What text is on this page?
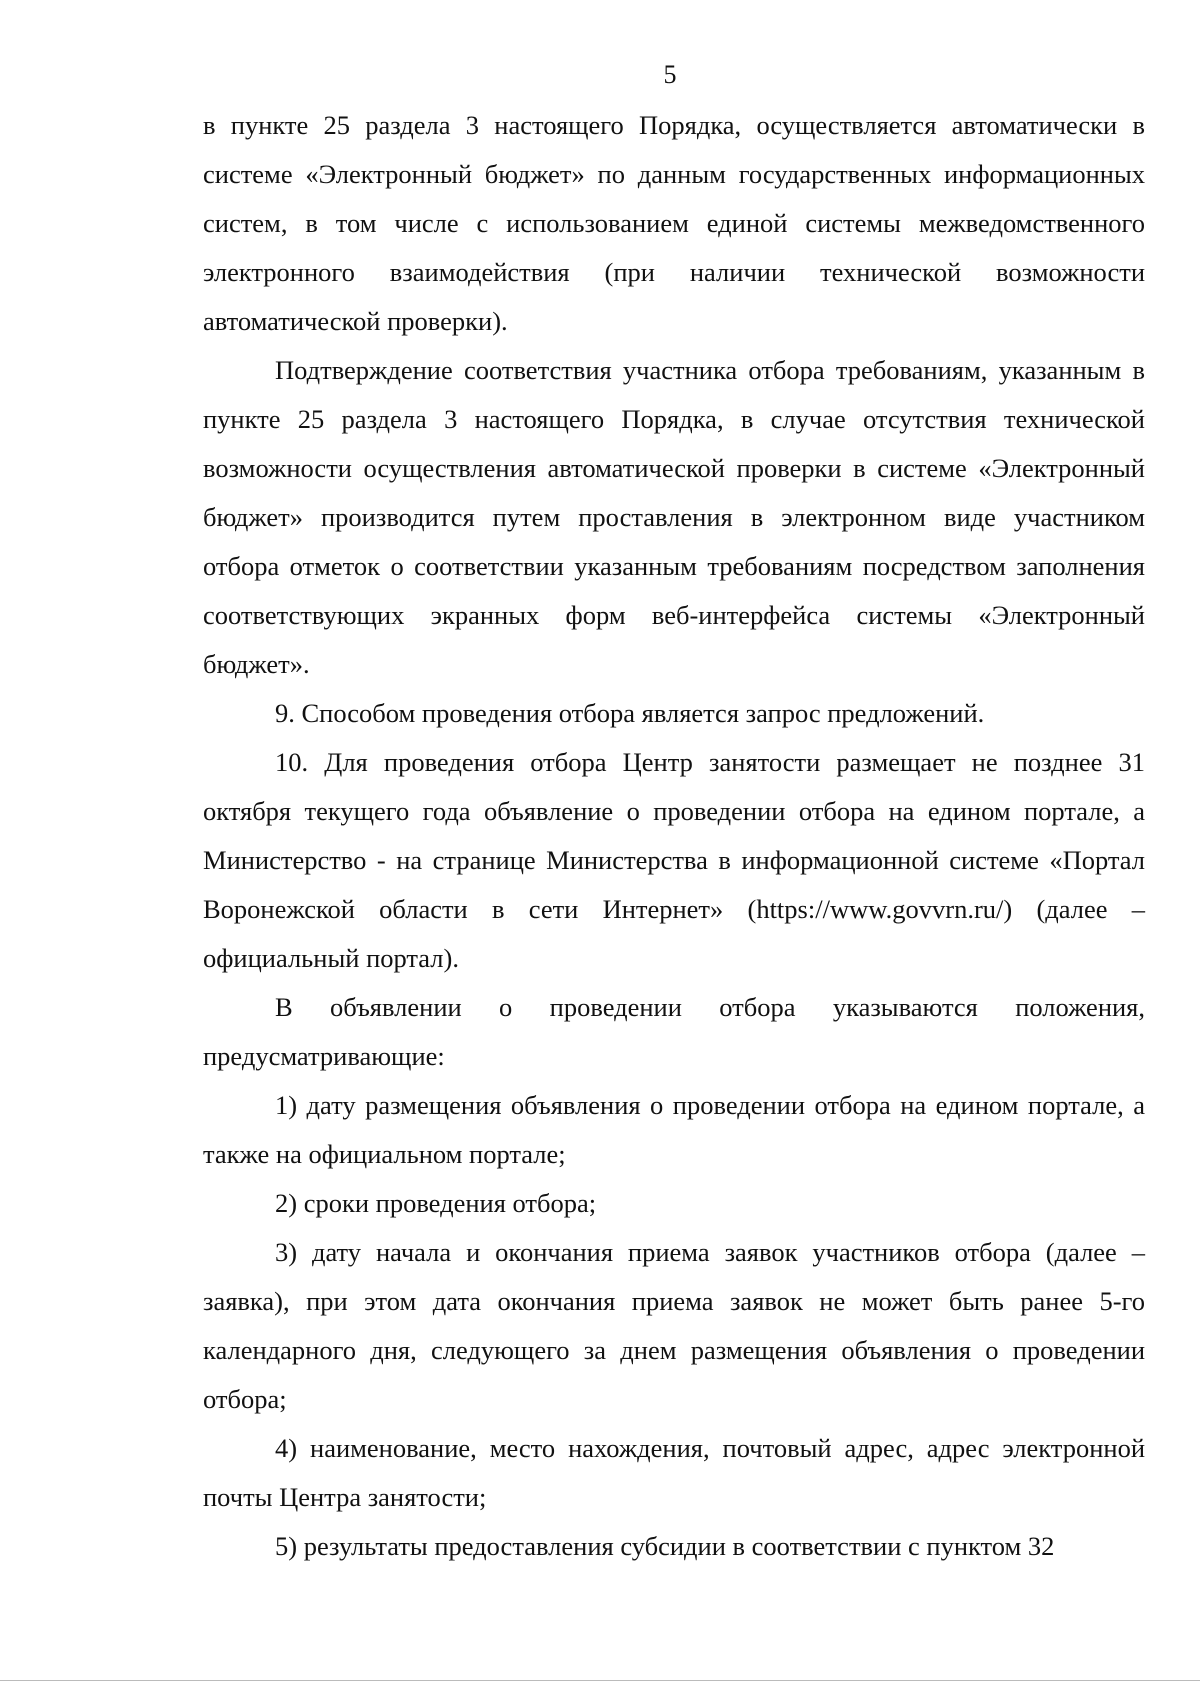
5

в пункте 25 раздела 3 настоящего Порядка, осуществляется автоматически в системе «Электронный бюджет» по данным государственных информационных систем, в том числе с использованием единой системы межведомственного электронного взаимодействия (при наличии технической возможности автоматической проверки).

Подтверждение соответствия участника отбора требованиям, указанным в пункте 25 раздела 3 настоящего Порядка, в случае отсутствия технической возможности осуществления автоматической проверки в системе «Электронный бюджет» производится путем проставления в электронном виде участником отбора отметок о соответствии указанным требованиям посредством заполнения соответствующих экранных форм веб-интерфейса системы «Электронный бюджет».

9. Способом проведения отбора является запрос предложений.

10. Для проведения отбора Центр занятости размещает не позднее 31 октября текущего года объявление о проведении отбора на едином портале, а Министерство - на странице Министерства в информационной системе «Портал Воронежской области в сети Интернет» (https://www.govvrn.ru/) (далее – официальный портал).

В объявлении о проведении отбора указываются положения, предусматривающие:

1) дату размещения объявления о проведении отбора на едином портале, а также на официальном портале;

2) сроки проведения отбора;

3) дату начала и окончания приема заявок участников отбора (далее – заявка), при этом дата окончания приема заявок не может быть ранее 5-го календарного дня, следующего за днем размещения объявления о проведении отбора;

4) наименование, место нахождения, почтовый адрес, адрес электронной почты Центра занятости;

5) результаты предоставления субсидии в соответствии с пунктом 32
